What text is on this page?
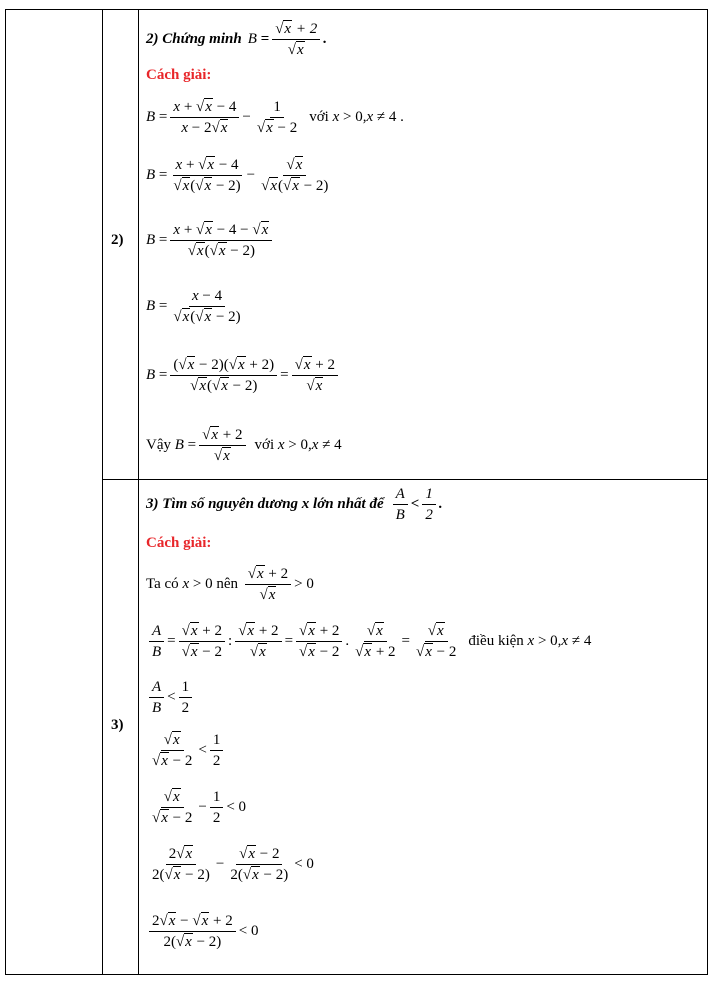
2)
2) Chứng minh $B = \frac{√x + 2}{√x}$ .
Cách giải:
$B = \frac{x + √x - 4}{x - 2√x} - \frac{1}{√x - 2}$ với
x > 0, x ≠ 4 .
$B = \frac{x + √x - 4}{√x(√x - 2)} - \frac{√x}{√x(√x - 2)}$
$B = \frac{x + √x - 4 - √x}{√x(√x - 2)}$
$B = \frac{x - 4}{√x(√x - 2)}$
$B = \frac{(√x - 2)(√x + 2)}{√x(√x - 2)} = \frac{√x + 2}{√x}$
Vậy
$B = \frac{√x + 2}{√x}$ với
x > 0, x ≠ 4
3)
3) Tìm số nguyên dương x lớn nhất để $\frac{A}{B} < \frac{1}{2}$ .
Cách giải:
Ta có
x > 0 nên
$\frac{√x + 2}{√x} > 0$
$\frac{A}{B} = \frac{√x + 2}{√x - 2}$ : $\frac{√x + 2}{√x} = \frac{√x + 2}{√x - 2}$ . $\frac{√x}{√x + 2} = \frac{√x}{√x - 2}$ điều kiện
x > 0, x ≠ 4
$\frac{A}{B} < \frac{1}{2}$
$\frac{√x}{√x - 2} < \frac{1}{2}$
$\frac{√x}{√x - 2} - \frac{1}{2} < 0$
$\frac{2√x}{2(√x - 2)} - \frac{√x - 2}{2(√x - 2)} < 0$
$\frac{2√x - √x + 2}{2(√x - 2)} < 0$
